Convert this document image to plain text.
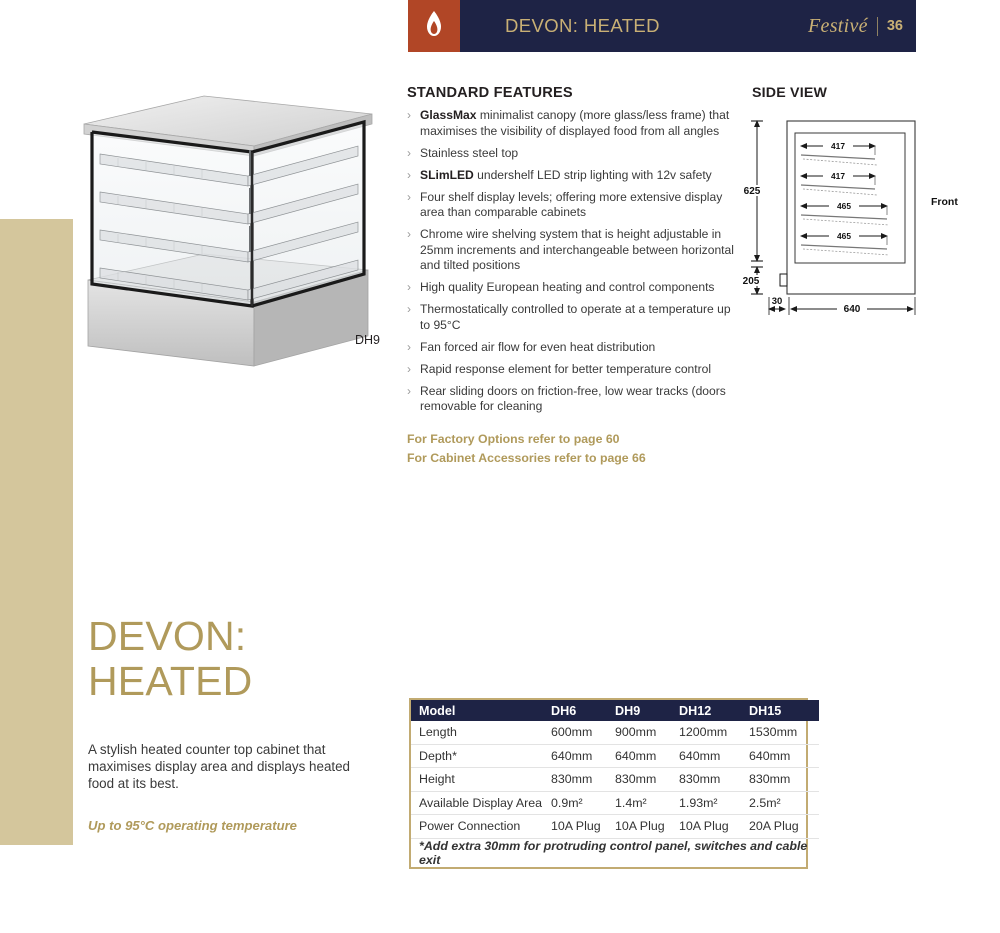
DEVON: HEATED	Festivé 36
DH9
STANDARD FEATURES
› GlassMax minimalist canopy (more glass/less frame) that maximises the visibility of displayed food from all angles
› Stainless steel top
› SLimLED undershelf LED strip lighting with 12v safety
› Four shelf display levels; offering more extensive display area than comparable cabinets
› Chrome wire shelving system that is height adjustable in 25mm increments and interchangeable between horizontal and tilted positions
› High quality European heating and control components
› Thermostatically controlled to operate at a temperature up to 95°C
› Fan forced air flow for even heat distribution
› Rapid response element for better temperature control
› Rear sliding doors on friction-free, low wear tracks (doors removable for cleaning
For Factory Options refer to page 60
For Cabinet Accessories refer to page 66
SIDE VIEW
417
417
465
465
625
205
30
640
Front
DEVON:
HEATED
A stylish heated counter top cabinet that maximises display area and displays heated food at its best.
Up to 95°C operating temperature
Model	DH6	DH9	DH12	DH15
Length	600mm	900mm	1200mm	1530mm
Depth*	640mm	640mm	640mm	640mm
Height	830mm	830mm	830mm	830mm
Available Display Area	0.9m²	1.4m²	1.93m²	2.5m²
Power Connection	10A Plug	10A Plug	10A Plug	20A Plug
*Add extra 30mm for protruding control panel, switches and cable exit				
